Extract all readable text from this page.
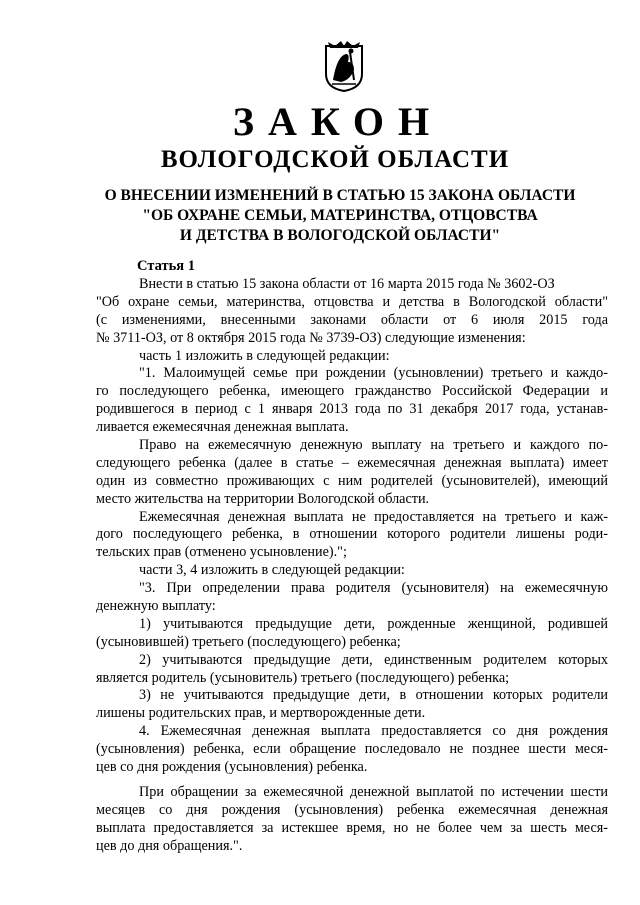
ЗАКОН
ВОЛОГОДСКОЙ ОБЛАСТИ
О ВНЕСЕНИИ ИЗМЕНЕНИЙ В СТАТЬЮ 15 ЗАКОНА ОБЛАСТИ
"ОБ ОХРАНЕ СЕМЬИ, МАТЕРИНСТВА, ОТЦОВСТВА
И ДЕТСТВА В ВОЛОГОДСКОЙ ОБЛАСТИ"
Статья 1
Внести в статью 15 закона области от 16 марта 2015 года № 3602-ОЗ
"Об охране семьи, материнства, отцовства и детства в Вологодской области"
(с изменениями, внесенными законами области от 6 июля 2015 года
№ 3711-ОЗ, от 8 октября 2015 года № 3739-ОЗ) следующие изменения:
часть 1 изложить в следующей редакции:
"1. Малоимущей семье при рождении (усыновлении) третьего и каждо-
го последующего ребенка, имеющего гражданство Российской Федерации и
родившегося в период с 1 января 2013 года по 31 декабря 2017 года, устанав-
ливается ежемесячная денежная выплата.
Право на ежемесячную денежную выплату на третьего и каждого по-
следующего ребенка (далее в статье – ежемесячная денежная выплата) имеет
один из совместно проживающих с ним родителей (усыновителей), имеющий
место жительства на территории Вологодской области.
Ежемесячная денежная выплата не предоставляется на третьего и каж-
дого последующего ребенка, в отношении которого родители лишены роди-
тельских прав (отменено усыновление).";
части 3, 4 изложить в следующей редакции:
"3. При определении права родителя (усыновителя) на ежемесячную
денежную выплату:
1) учитываются предыдущие дети, рожденные женщиной, родившей
(усыновившей) третьего (последующего) ребенка;
2) учитываются предыдущие дети, единственным родителем которых
является родитель (усыновитель) третьего (последующего) ребенка;
3) не учитываются предыдущие дети, в отношении которых родители
лишены родительских прав, и мертворожденные дети.
4. Ежемесячная денежная выплата предоставляется со дня рождения
(усыновления) ребенка, если обращение последовало не позднее шести меся-
цев со дня рождения (усыновления) ребенка.
При обращении за ежемесячной денежной выплатой по истечении шести
месяцев со дня рождения (усыновления) ребенка ежемесячная денежная
выплата предоставляется за истекшее время, но не более чем за шесть меся-
цев до дня обращения.".
